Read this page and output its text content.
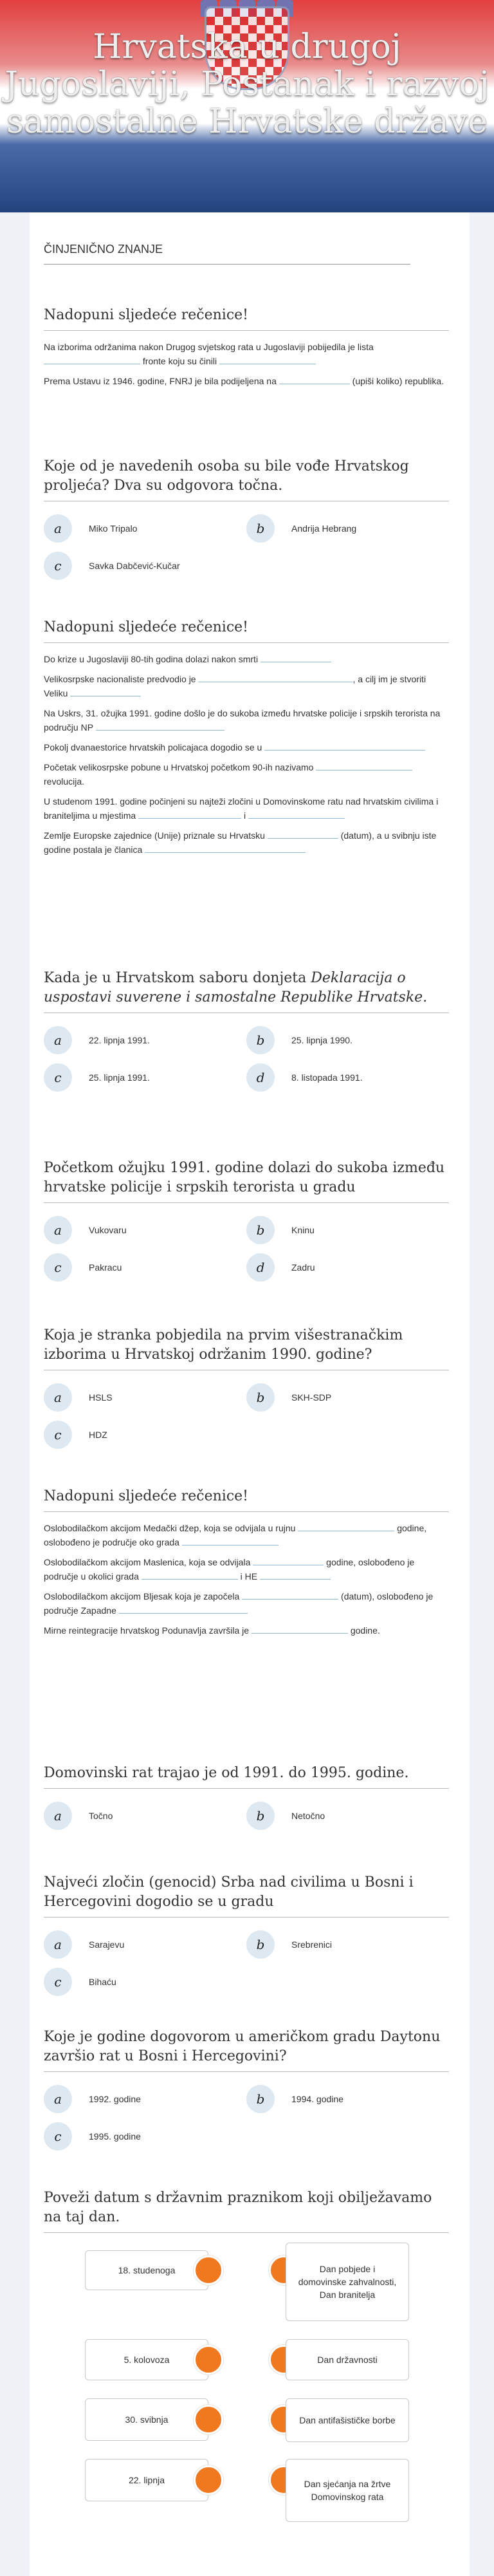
Hrvatska u drugoj Jugoslaviji, Postanak i razvoj samostalne Hrvatske države
ČINJENIČNO ZNANJE
Nadopuni sljedeće rečenice!

Na izborima održanima nakon Drugog svjetskog rata u Jugoslaviji pobijedila je lista  fronte koju su činili

Prema Ustavu iz 1946. godine, FNRJ je bila podijeljena na	(upiši koliko) republika.

Koje od je navedenih osoba su bile vođe Hrvatskog proljeća? Dva su odgovora točna.
a	Miko Tripalo	b	Andrija Hebrang
c	Savka Dabčević-Kučar
Nadopuni sljedeće rečenice!

Do krize u Jugoslaviji 80-tih godina dolazi nakon smrti

Velikosrpske nacionaliste predvodio je	, a cilj im je stvoriti Veliku

Na Uskrs, 31. ožujka 1991. godine došlo je do sukoba između hrvatske policije i srpskih terorista na području NP

Pokolj dvanaestorice hrvatskih policajaca dogodio se u

Početak velikosrpske pobune u Hrvatskoj početkom 90-ih nazivamo  revolucija.

U studenom 1991. godine počinjeni su najteži zločini u Domovinskome ratu nad hrvatskim civilima i braniteljima u mjestima	i

Zemlje Europske zajednice (Unije) priznale su Hrvatsku	(datum), a u svibnju iste godine postala je članica

Kada je u Hrvatskom saboru donjeta Deklaracija o uspostavi suverene i samostalne Republike Hrvatske.
a	22. lipnja 1991.	b	25. lipnja 1990.
c	25. lipnja 1991.	d	8. listopada 1991.
Početkom ožujku 1991. godine dolazi do sukoba između hrvatske policije i srpskih terorista u gradu
a	Vukovaru	b	Kninu
c	Pakracu	d	Zadru
Koja je stranka pobjedila na prvim višestranačkim izborima u Hrvatskoj održanim 1990. godine?
a	HSLS	b	SKH-SDP
c	HDZ
Nadopuni sljedeće rečenice!

Oslobodilačkom akcijom Medački džep, koja se odvijala u rujnu	godine, oslobođeno je područje oko grada

Oslobodilačkom akcijom Maslenica, koja se odvijala	godine, oslobođeno je područje u okolici grada	i HE

Oslobodilačkom akcijom Bljesak koja je započela	(datum), oslobođeno je područje Zapadne

Mirne reintegracije hrvatskog Podunavlja završila je	godine.

Domovinski rat trajao je od 1991. do 1995. godine.
a	Točno	b	Netočno
Najveći zločin (genocid) Srba nad civilima u Bosni i Hercegovini dogodio se u gradu
a	Sarajevu	b	Srebrenici
c	Bihaću
Koje je godine dogovorom u američkom gradu Daytonu završio rat u Bosni i Hercegovini?
a	1992. godine	b	1994. godine
c	1995. godine
Poveži datum s državnim praznikom koji obilježavamo na taj dan.
18. studenoga	Dan pobjede i domovinske zahvalnosti, Dan branitelja
5. kolovoza	Dan državnosti
30. svibnja	Dan antifašističke borbe
22. lipnja	Dan sjećanja na žrtve Domovinskog rata
